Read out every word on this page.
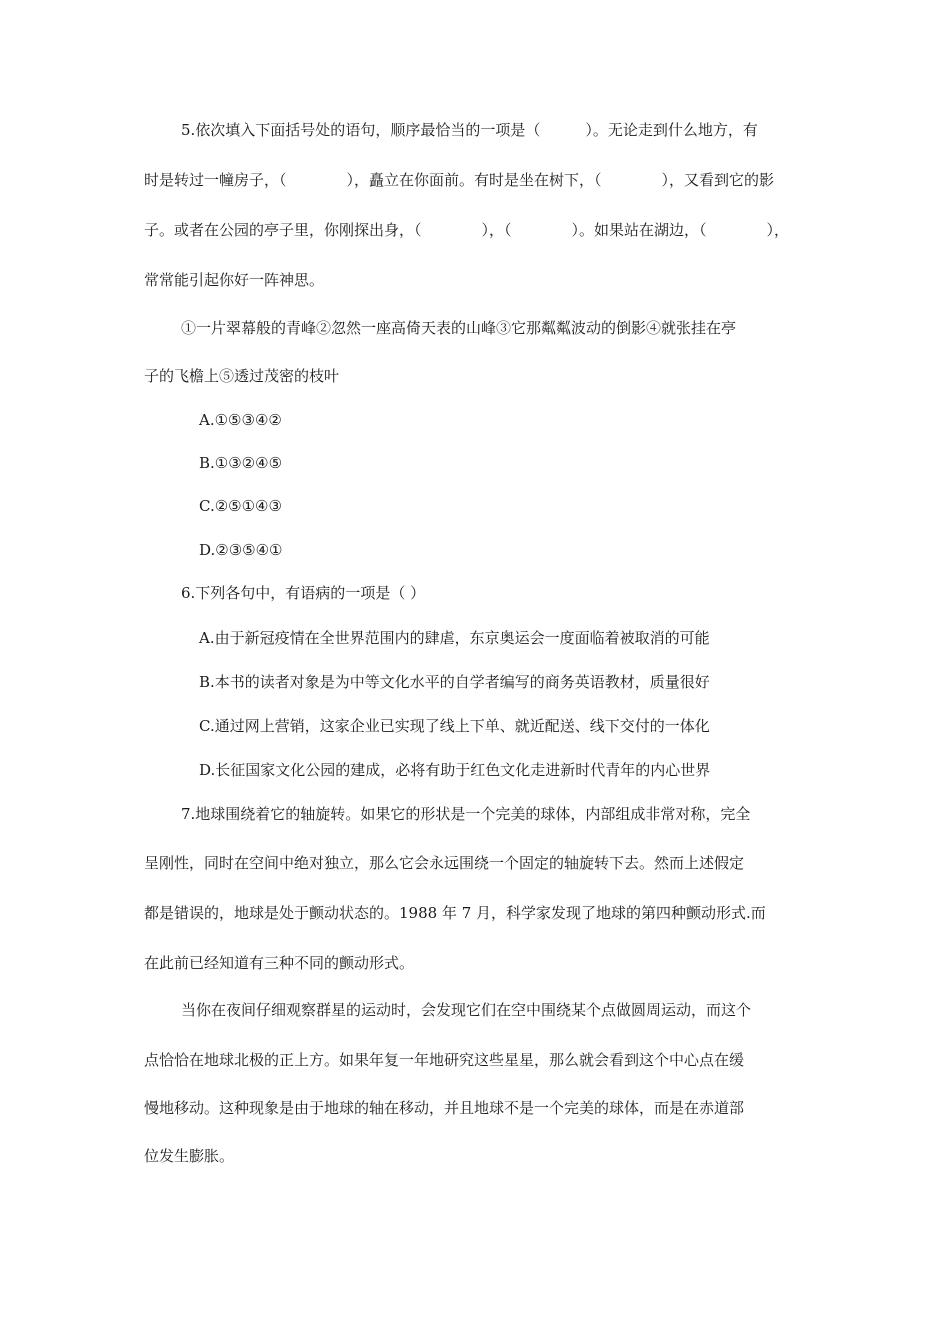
5.依次填入下面括号处的语句，顺序最恰当的一项是（　　　）。无论走到什么地方，有
时是转过一幢房子，（　　　　），矗立在你面前。有时是坐在树下，（　　　　），又看到它的影
子。或者在公园的亭子里，你刚探出身，（　　　　），（　　　　）。如果站在湖边，（　　　　），
常常能引起你好一阵神思。
①一片翠幕般的青峰②忽然一座高倚天表的山峰③它那粼粼波动的倒影④就张挂在亭
子的飞檐上⑤透过茂密的枝叶
A.①⑤③④②
B.①③②④⑤
C.②⑤①④③
D.②③⑤④①
6.下列各句中，有语病的一项是（ ）
A.由于新冠疫情在全世界范围内的肆虐，东京奥运会一度面临着被取消的可能
B.本书的读者对象是为中等文化水平的自学者编写的商务英语教材，质量很好
C.通过网上营销，这家企业已实现了线上下单、就近配送、线下交付的一体化
D.长征国家文化公园的建成，必将有助于红色文化走进新时代青年的内心世界
7.地球围绕着它的轴旋转。如果它的形状是一个完美的球体，内部组成非常对称，完全
呈刚性，同时在空间中绝对独立，那么它会永远围绕一个固定的轴旋转下去。然而上述假定
都是错误的，地球是处于颤动状态的。1988 年 7 月，科学家发现了地球的第四种颤动形式.而
在此前已经知道有三种不同的颤动形式。
当你在夜间仔细观察群星的运动时，会发现它们在空中围绕某个点做圆周运动，而这个
点恰恰在地球北极的正上方。如果年复一年地研究这些星星，那么就会看到这个中心点在缓
慢地移动。这种现象是由于地球的轴在移动，并且地球不是一个完美的球体，而是在赤道部
位发生膨胀。
